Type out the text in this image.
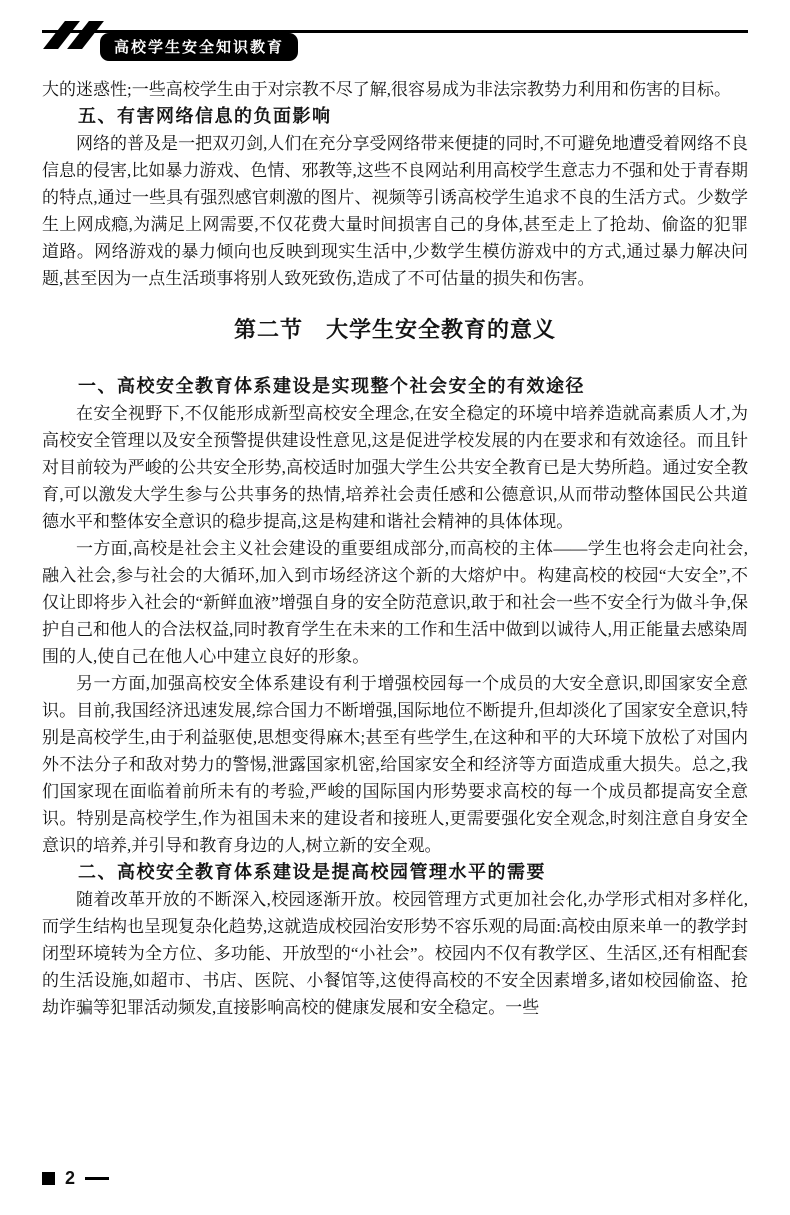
高校学生安全知识教育

大的迷惑性;一些高校学生由于对宗教不尽了解,很容易成为非法宗教势力利用和伤害的目标。

五、有害网络信息的负面影响

网络的普及是一把双刃剑,人们在充分享受网络带来便捷的同时,不可避免地遭受着网络不良信息的侵害,比如暴力游戏、色情、邪教等,这些不良网站利用高校学生意志力不强和处于青春期的特点,通过一些具有强烈感官刺激的图片、视频等引诱高校学生追求不良的生活方式。少数学生上网成瘾,为满足上网需要,不仅花费大量时间损害自己的身体,甚至走上了抢劫、偷盗的犯罪道路。网络游戏的暴力倾向也反映到现实生活中,少数学生模仿游戏中的方式,通过暴力解决问题,甚至因为一点生活琐事将别人致死致伤,造成了不可估量的损失和伤害。

第二节　大学生安全教育的意义
一、高校安全教育体系建设是实现整个社会安全的有效途径

在安全视野下,不仅能形成新型高校安全理念,在安全稳定的环境中培养造就高素质人才,为高校安全管理以及安全预警提供建设性意见,这是促进学校发展的内在要求和有效途径。而且针对目前较为严峻的公共安全形势,高校适时加强大学生公共安全教育已是大势所趋。通过安全教育,可以激发大学生参与公共事务的热情,培养社会责任感和公德意识,从而带动整体国民公共道德水平和整体安全意识的稳步提高,这是构建和谐社会精神的具体体现。

一方面,高校是社会主义社会建设的重要组成部分,而高校的主体——学生也将会走向社会,融入社会,参与社会的大循环,加入到市场经济这个新的大熔炉中。构建高校的校园“大安全”,不仅让即将步入社会的“新鲜血液”增强自身的安全防范意识,敢于和社会一些不安全行为做斗争,保护自己和他人的合法权益,同时教育学生在未来的工作和生活中做到以诚待人,用正能量去感染周围的人,使自己在他人心中建立良好的形象。

另一方面,加强高校安全体系建设有利于增强校园每一个成员的大安全意识,即国家安全意识。目前,我国经济迅速发展,综合国力不断增强,国际地位不断提升,但却淡化了国家安全意识,特别是高校学生,由于利益驱使,思想变得麻木;甚至有些学生,在这种和平的大环境下放松了对国内外不法分子和敌对势力的警惕,泄露国家机密,给国家安全和经济等方面造成重大损失。总之,我们国家现在面临着前所未有的考验,严峻的国际国内形势要求高校的每一个成员都提高安全意识。特别是高校学生,作为祖国未来的建设者和接班人,更需要强化安全观念,时刻注意自身安全意识的培养,并引导和教育身边的人,树立新的安全观。

二、高校安全教育体系建设是提高校园管理水平的需要

随着改革开放的不断深入,校园逐渐开放。校园管理方式更加社会化,办学形式相对多样化,而学生结构也呈现复杂化趋势,这就造成校园治安形势不容乐观的局面:高校由原来单一的教学封闭型环境转为全方位、多功能、开放型的“小社会”。校园内不仅有教学区、生活区,还有相配套的生活设施,如超市、书店、医院、小餐馆等,这使得高校的不安全因素增多,诸如校园偷盗、抢劫诈骗等犯罪活动频发,直接影响高校的健康发展和安全稳定。一些

2
